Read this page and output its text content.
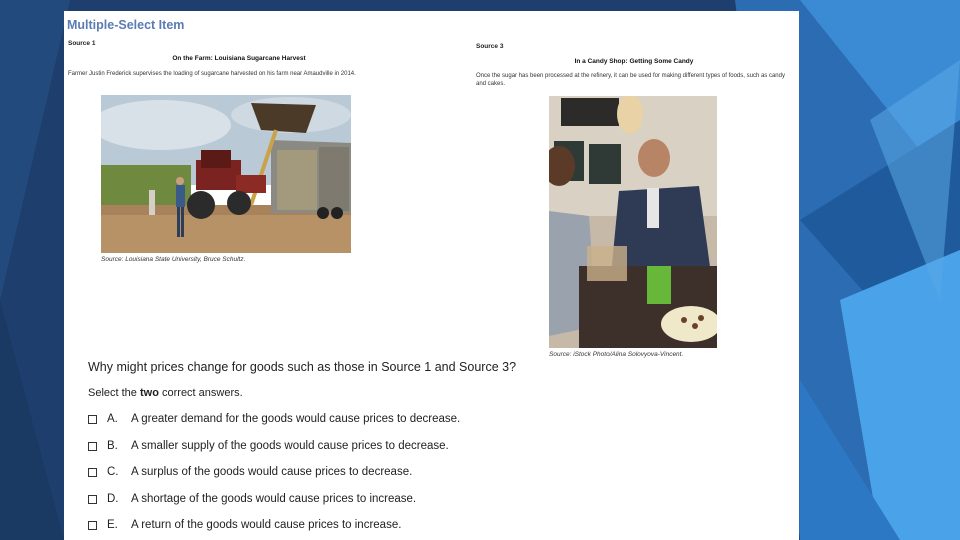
Multiple-Select Item
Source 1
On the Farm: Louisiana Sugarcane Harvest
Farmer Justin Frederick supervises the loading of sugarcane harvested on his farm near Amaudville in 2014.
Source: Louisiana State University, Bruce Schultz.
Source 3
In a Candy Shop: Getting Some Candy
Once the sugar has been processed at the refinery, it can be used for making different types of foods, such as candy and cakes.
Source: iStock Photo/Alina Solovyova-Vincent.
Why might prices change for goods such as those in Source 1 and Source 3?
Select the two correct answers.
A.	A greater demand for the goods would cause prices to decrease.
B.	A smaller supply of the goods would cause prices to decrease.
C.	A surplus of the goods would cause prices to decrease.
D.	A shortage of the goods would cause prices to increase.
E.	A return of the goods would cause prices to increase.
